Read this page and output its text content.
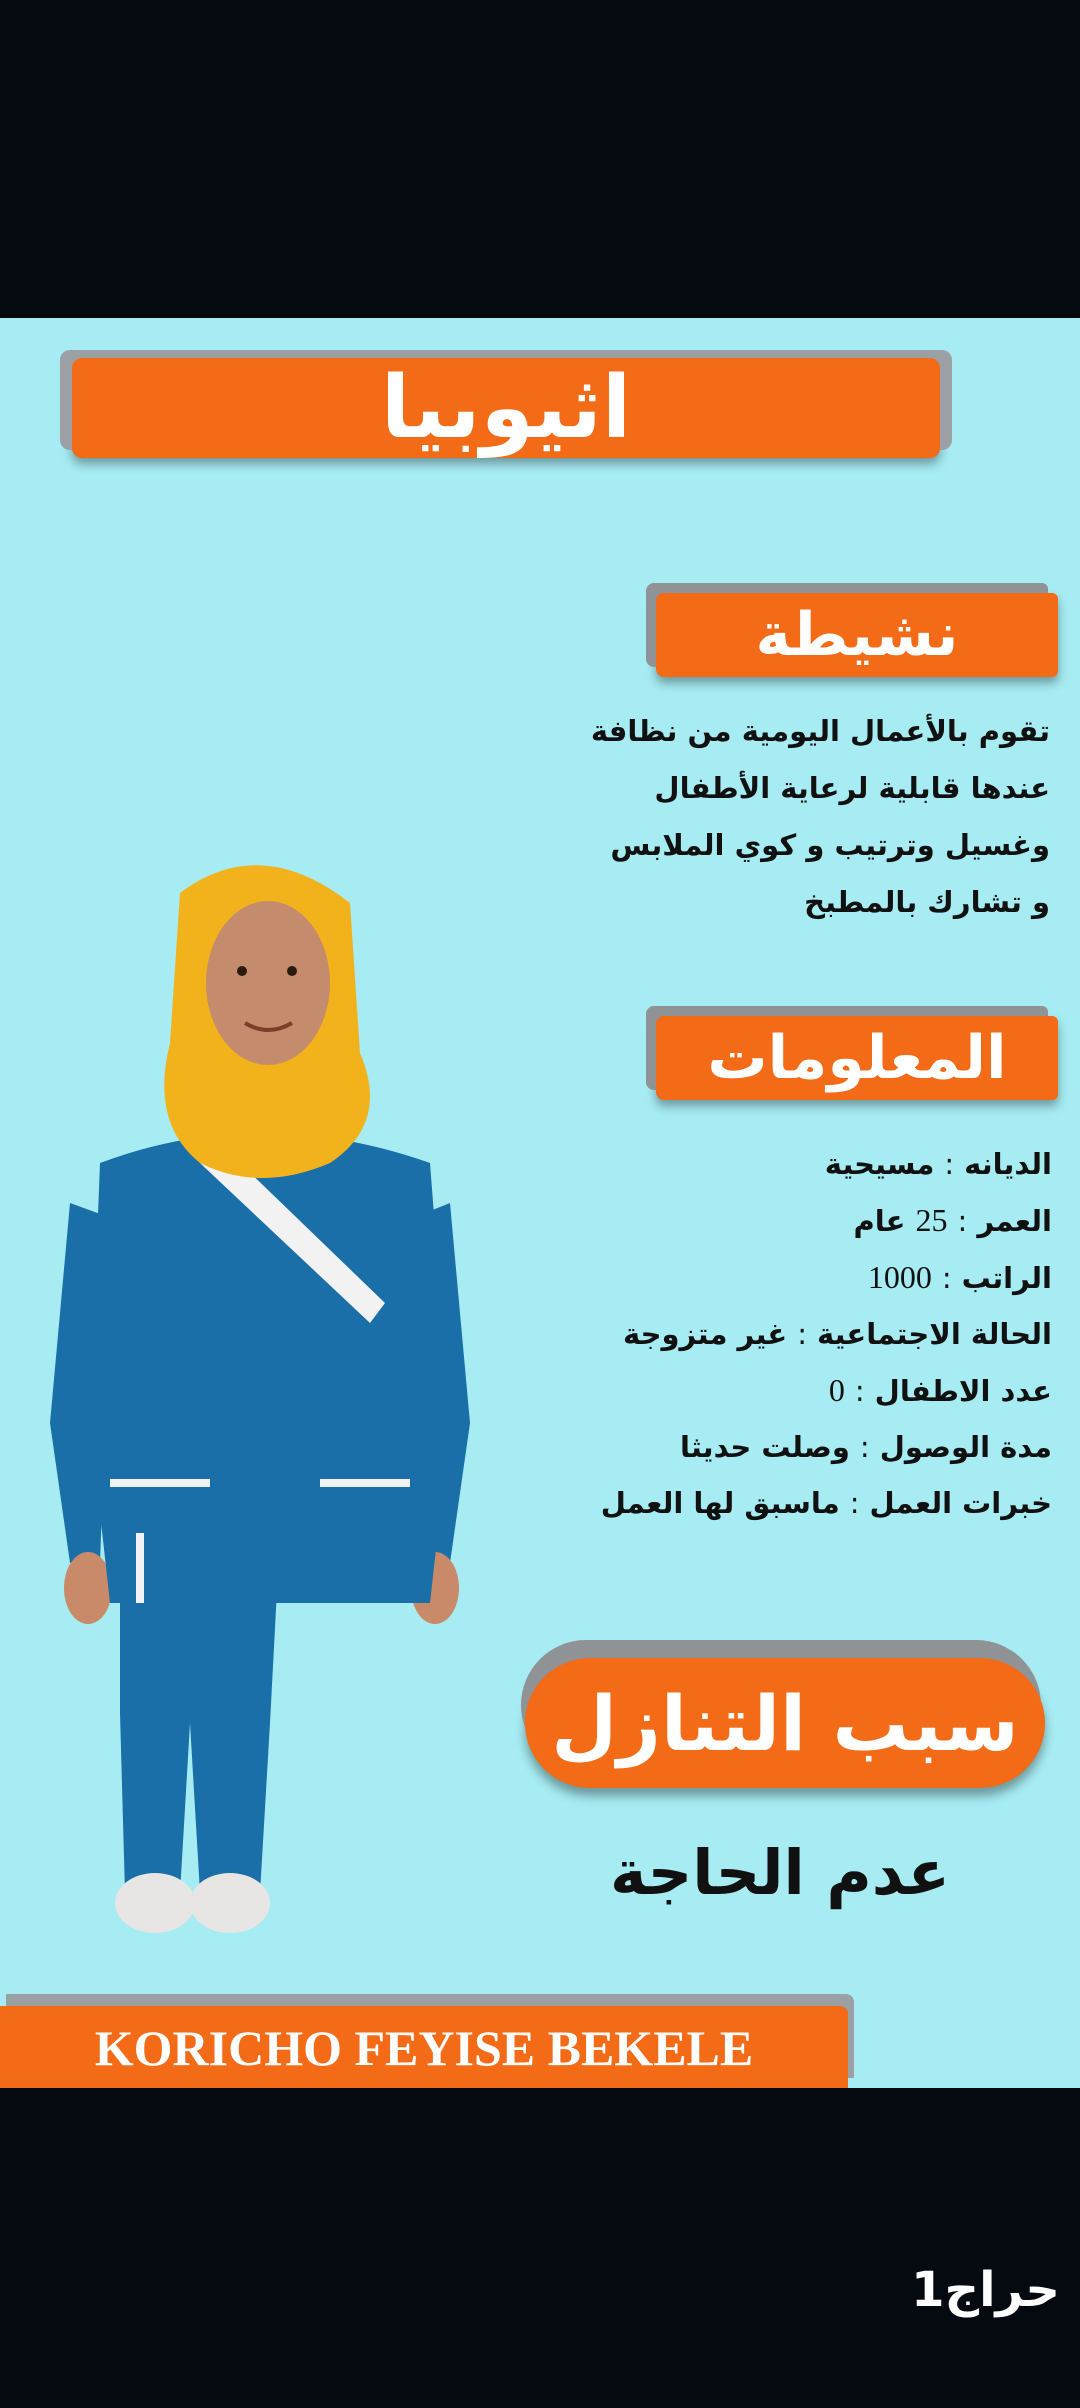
اثيوبيا
نشيطة
تقوم بالأعمال اليومية من نظافة
عندها قابلية لرعاية الأطفال
وغسيل وترتيب و كوي الملابس
و تشارك بالمطبخ
المعلومات
الديانه:مسيحية
العمر:25 عام
الراتب:1000
الحالة الاجتماعية:غير متزوجة
عدد الاطفال:0
مدة الوصول:وصلت حديثا
خبرات العمل:ماسبق لها العمل
سبب التنازل
عدم الحاجة
KORICHO FEYISE BEKELE
حراج1
